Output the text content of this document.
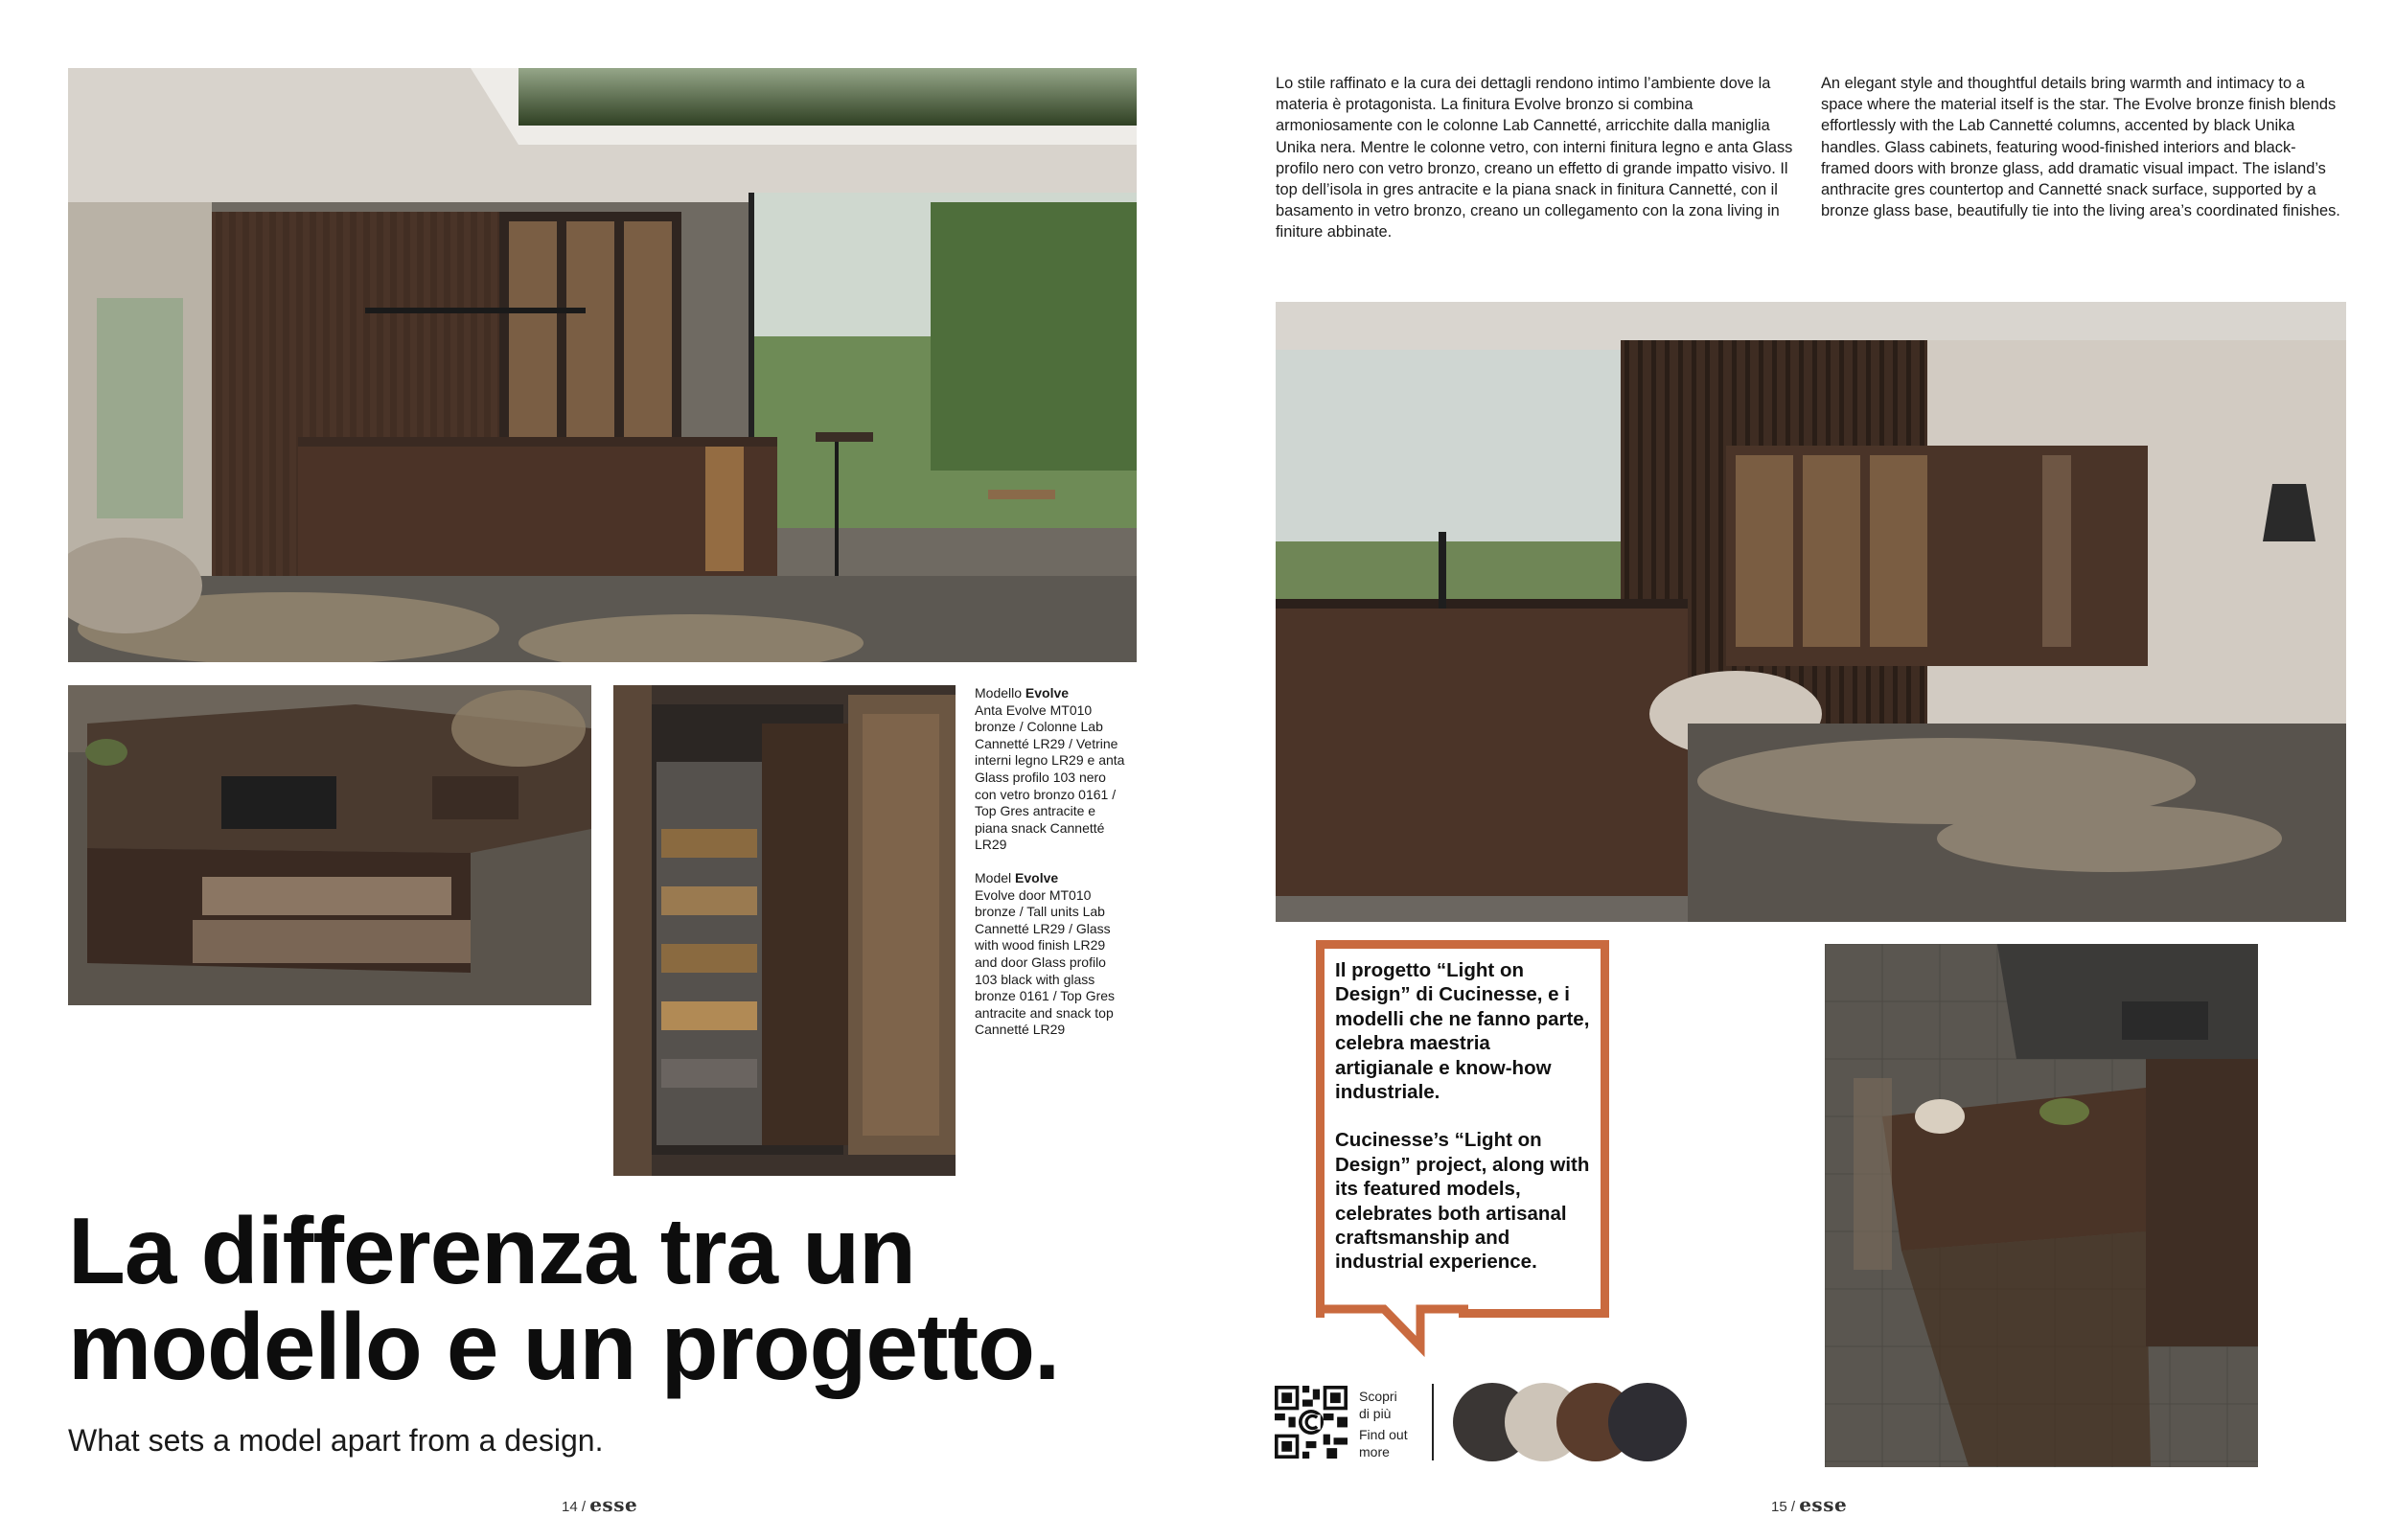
Modello Evolve
Anta Evolve MT010 bronze / Colonne Lab Cannetté LR29 / Vetrine interni legno LR29 e anta Glass profilo 103 nero con vetro bronzo 0161 / Top Gres antracite e piana snack Cannetté LR29

Model Evolve
Evolve door MT010 bronze / Tall units Lab Cannetté LR29 / Glass with wood finish LR29 and door Glass profilo 103 black with glass bronze 0161 / Top Gres antracite and snack top Cannetté LR29

La differenza tra un
modello e un progetto.
What sets a model apart from a design.
14 / esse
Lo stile raffinato e la cura dei dettagli rendono intimo l’ambiente dove la materia è protagonista. La finitura Evolve bronzo si combina armoniosamente con le colonne Lab Cannetté, arricchite dalla maniglia Unika nera. Mentre le colonne vetro, con interni finitura legno e anta Glass profilo nero con vetro bronzo, creano un effetto di grande impatto visivo. Il top dell’isola in gres antracite e la piana snack in finitura Cannetté, con il basamento in vetro bronzo, creano un collegamento con la zona living in finiture abbinate.
An elegant style and thoughtful details bring warmth and intimacy to a space where the material itself is the star. The Evolve bronze finish blends effortlessly with the Lab Cannetté columns, accented by black Unika handles. Glass cabinets, featuring wood-finished interiors and black-framed doors with bronze glass, add dramatic visual impact. The island’s anthracite gres countertop and Cannetté snack surface, supported by a bronze glass base, beautifully tie into the living area’s coordinated finishes.

Il progetto “Light on Design” di Cucinesse, e i modelli che ne fanno parte, celebra maestria artigianale e know-how industriale.

Cucinesse’s “Light on Design” project, along with its featured models, celebrates both artisanal craftsmanship and industrial experience.

Scopri
di più
Find out
more
15 / esse
